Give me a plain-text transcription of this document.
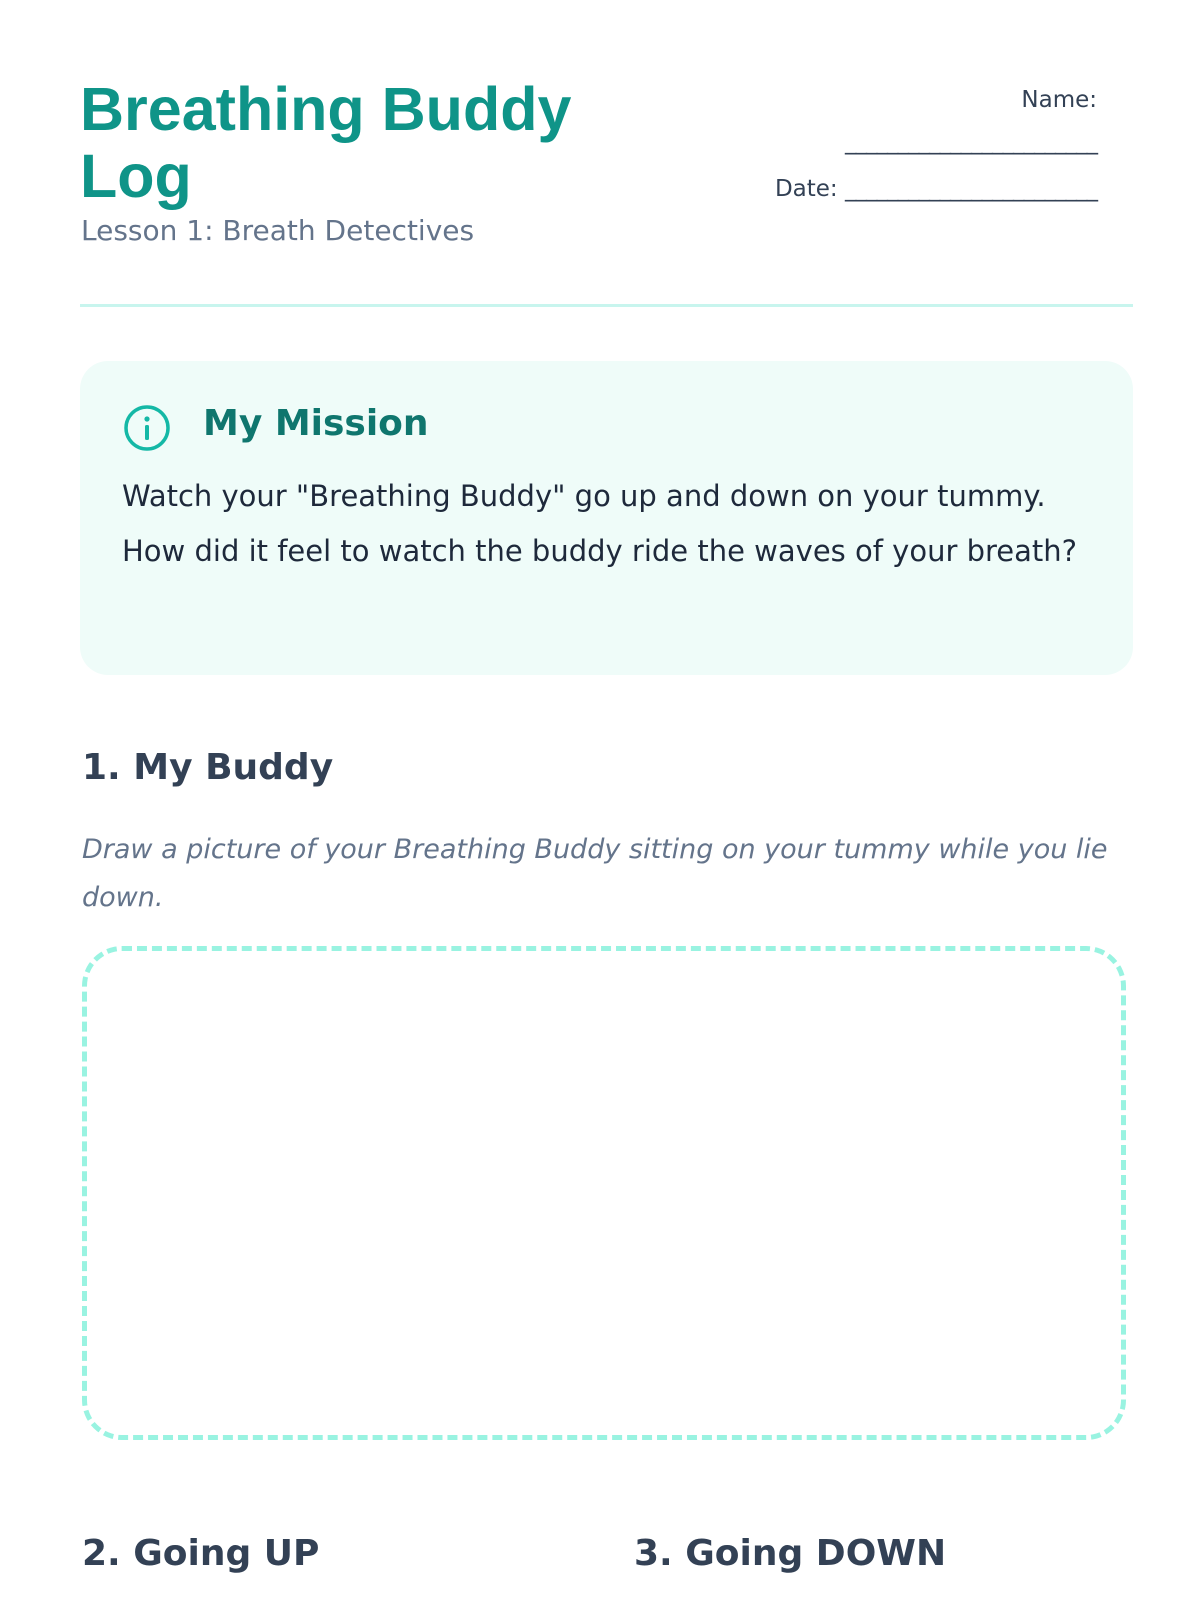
Breathing Buddy Log
Lesson 1: Breath Detectives
Name:
________________________
Date: ________________________
My Mission

Watch your "Breathing Buddy" go up and down on your tummy. How did it feel to watch the buddy ride the waves of your breath?

1. My Buddy

Draw a picture of your Breathing Buddy sitting on your tummy while you lie down.

2. Going UP	3. Going DOWN
